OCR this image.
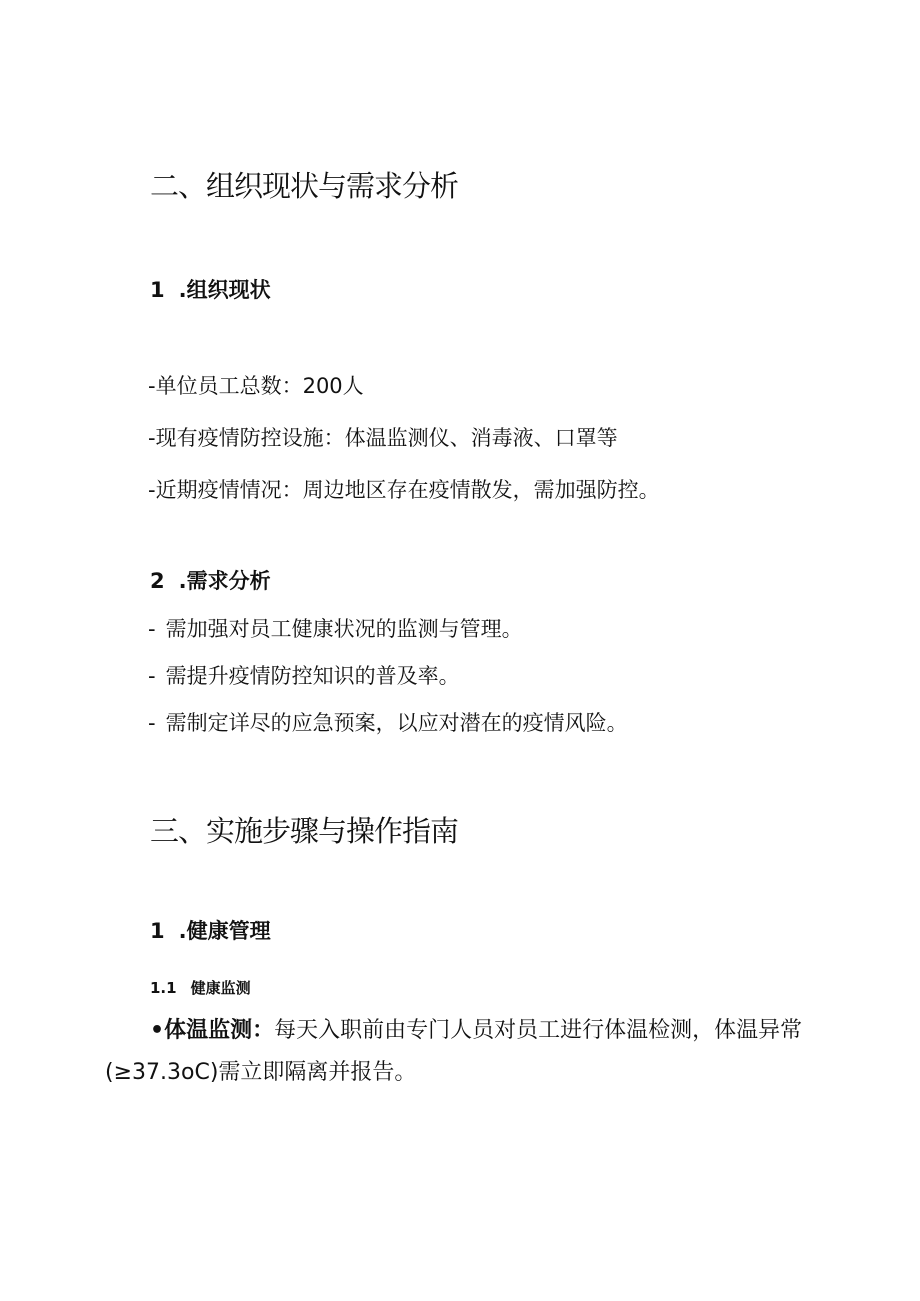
二、组织现状与需求分析
1 .组织现状

-单位员工总数：200人

-现有疫情防控设施：体温监测仪、消毒液、口罩等

-近期疫情情况：周边地区存在疫情散发，需加强防控。

2 .需求分析

- 需加强对员工健康状况的监测与管理。

- 需提升疫情防控知识的普及率。

- 需制定详尽的应急预案，以应对潜在的疫情风险。

三、实施步骤与操作指南
1 .健康管理
1.1 健康监测

•体温监测：每天入职前由专门人员对员工进行体温检测，体温异常(≥37.3oC)需立即隔离并报告。
